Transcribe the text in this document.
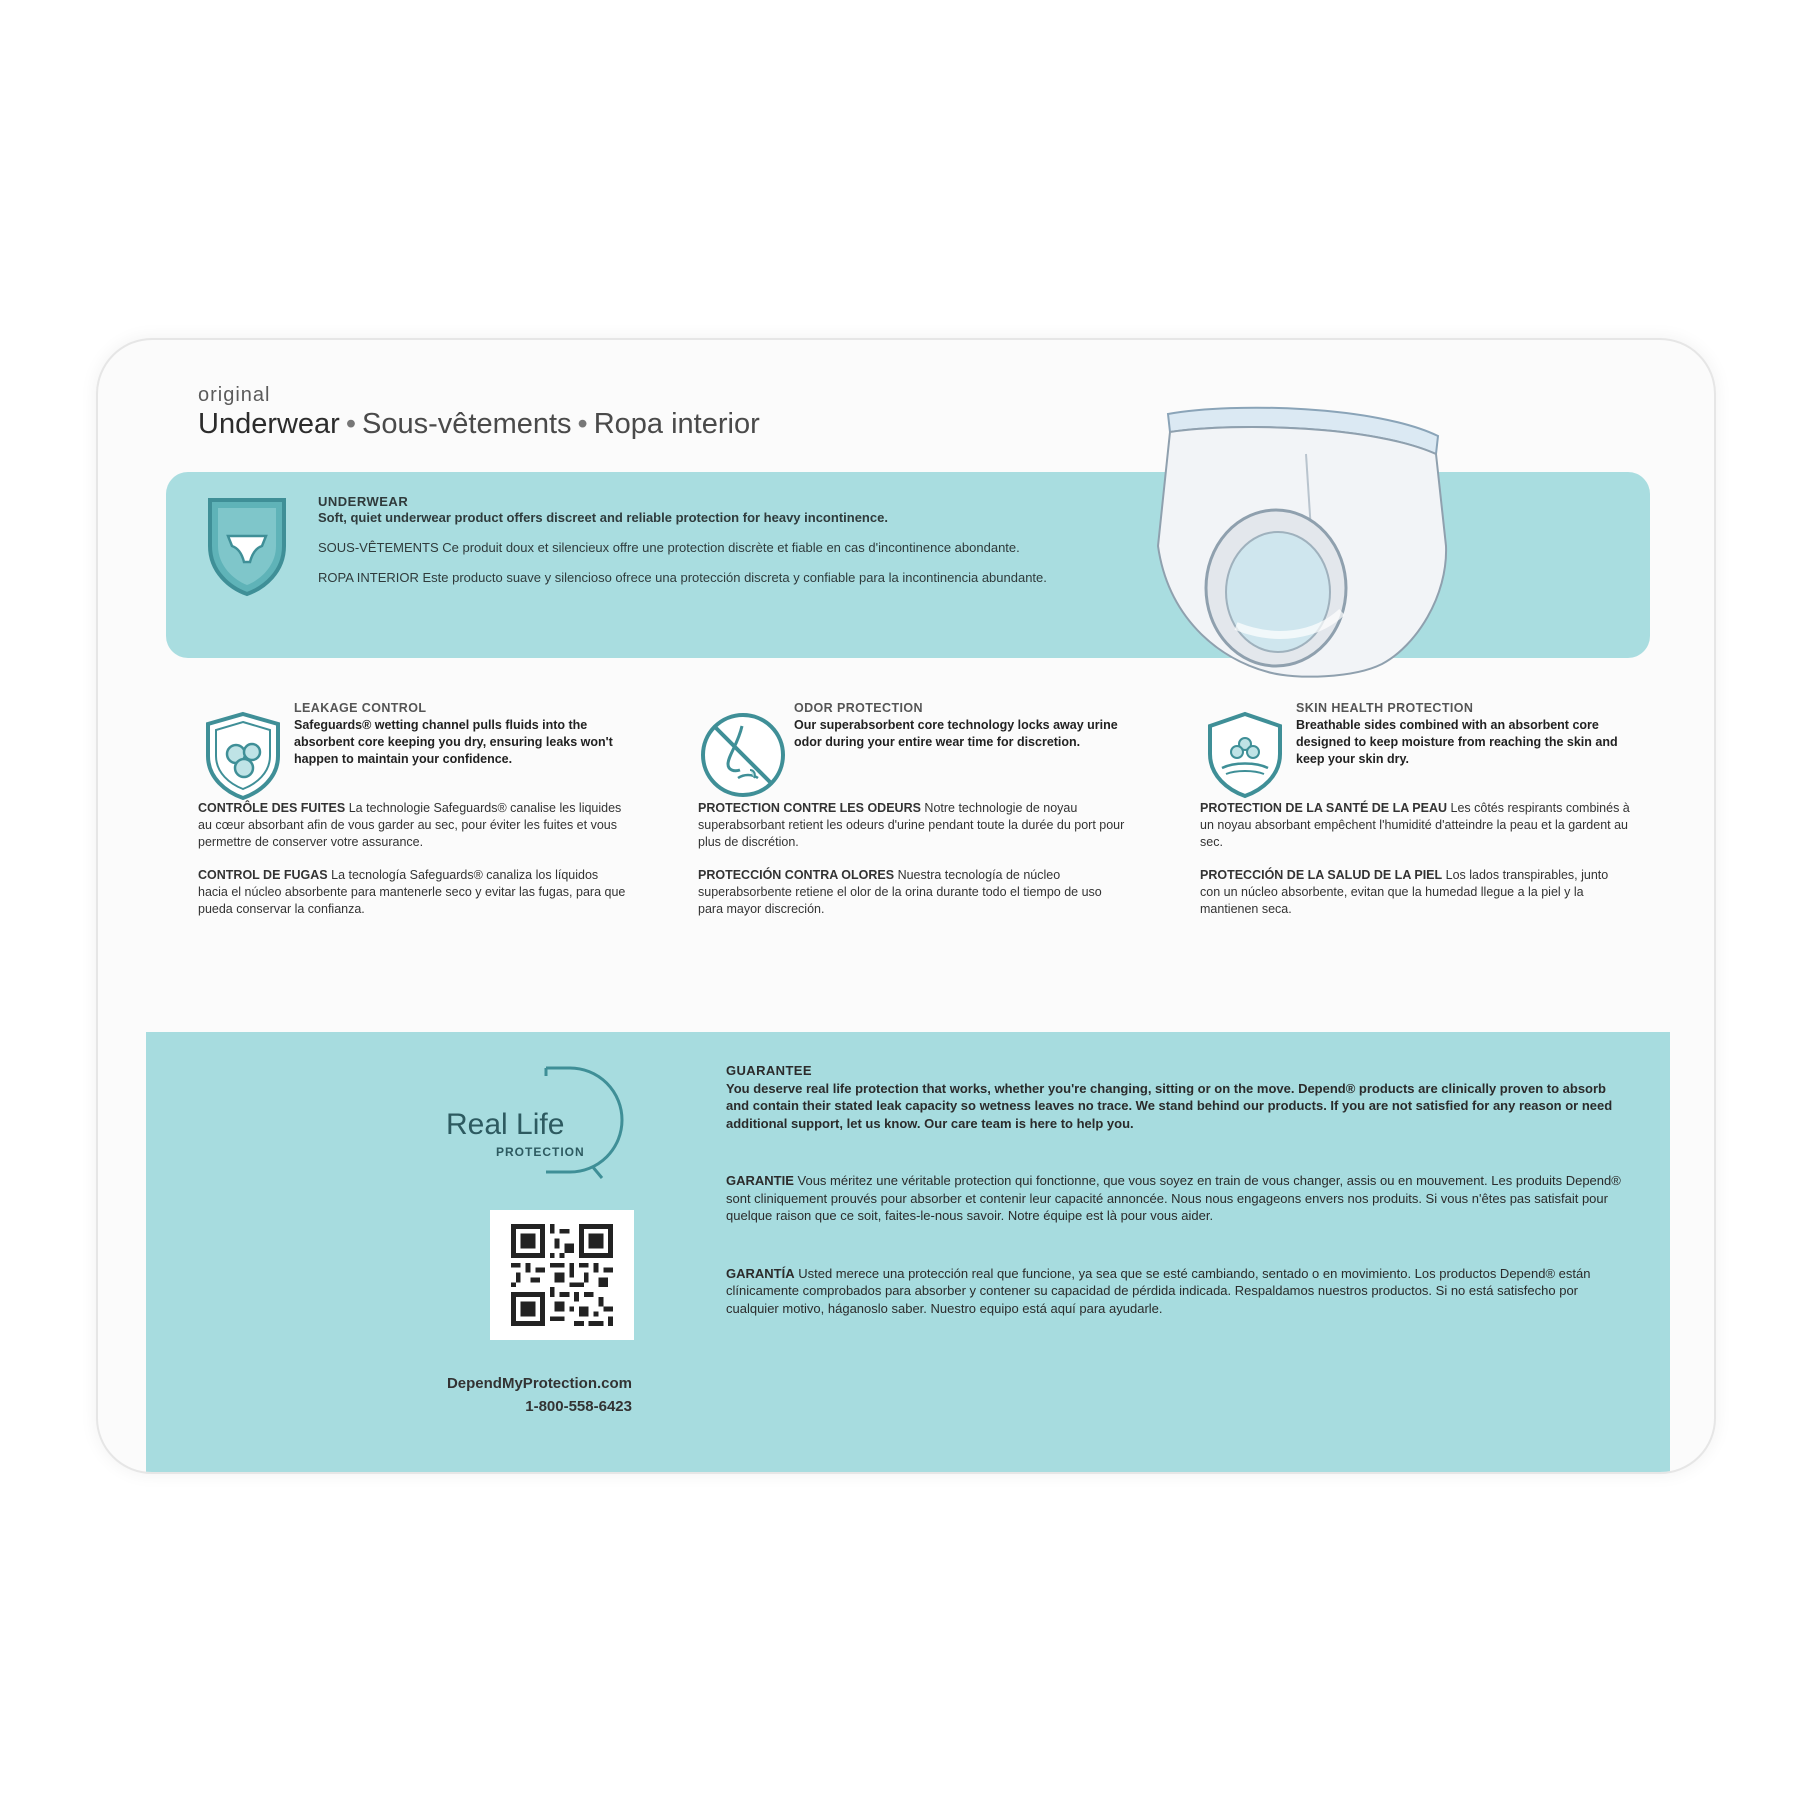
original
Underwear • Sous-vêtements • Ropa interior
UNDERWEAR
Soft, quiet underwear product offers discreet and reliable protection for heavy incontinence.
SOUS-VÊTEMENTS Ce produit doux et silencieux offre une protection discrète et fiable en cas d'incontinence abondante.
ROPA INTERIOR Este producto suave y silencioso ofrece una protección discreta y confiable para la incontinencia abundante.
LEAKAGE CONTROL
Safeguards® wetting channel pulls fluids into the absorbent core keeping you dry, ensuring leaks won't happen to maintain your confidence.

CONTRÔLE DES FUITES La technologie Safeguards® canalise les liquides au cœur absorbant afin de vous garder au sec, pour éviter les fuites et vous permettre de conserver votre assurance.

CONTROL DE FUGAS La tecnología Safeguards® canaliza los líquidos hacia el núcleo absorbente para mantenerle seco y evitar las fugas, para que pueda conservar la confianza.

ODOR PROTECTION
Our superabsorbent core technology locks away urine odor during your entire wear time for discretion.

PROTECTION CONTRE LES ODEURS Notre technologie de noyau superabsorbant retient les odeurs d'urine pendant toute la durée du port pour plus de discrétion.

PROTECCIÓN CONTRA OLORES Nuestra tecnología de núcleo superabsorbente retiene el olor de la orina durante todo el tiempo de uso para mayor discreción.

SKIN HEALTH PROTECTION
Breathable sides combined with an absorbent core designed to keep moisture from reaching the skin and keep your skin dry.

PROTECTION DE LA SANTÉ DE LA PEAU Les côtés respirants combinés à un noyau absorbant empêchent l'humidité d'atteindre la peau et la gardent au sec.

PROTECCIÓN DE LA SALUD DE LA PIEL Los lados transpirables, junto con un núcleo absorbente, evitan que la humedad llegue a la piel y la mantienen seca.

Real Life
PROTECTION
DependMyProtection.com
1-800-558-6423

GUARANTEE
You deserve real life protection that works, whether you're changing, sitting or on the move. Depend® products are clinically proven to absorb and contain their stated leak capacity so wetness leaves no trace. We stand behind our products. If you are not satisfied for any reason or need additional support, let us know. Our care team is here to help you.

GARANTIE Vous méritez une véritable protection qui fonctionne, que vous soyez en train de vous changer, assis ou en mouvement. Les produits Depend® sont cliniquement prouvés pour absorber et contenir leur capacité annoncée. Nous nous engageons envers nos produits. Si vous n'êtes pas satisfait pour quelque raison que ce soit, faites-le-nous savoir. Notre équipe est là pour vous aider.

GARANTÍA Usted merece una protección real que funcione, ya sea que se esté cambiando, sentado o en movimiento. Los productos Depend® están clínicamente comprobados para absorber y contener su capacidad de pérdida indicada. Respaldamos nuestros productos. Si no está satisfecho por cualquier motivo, háganoslo saber. Nuestro equipo está aquí para ayudarle.
